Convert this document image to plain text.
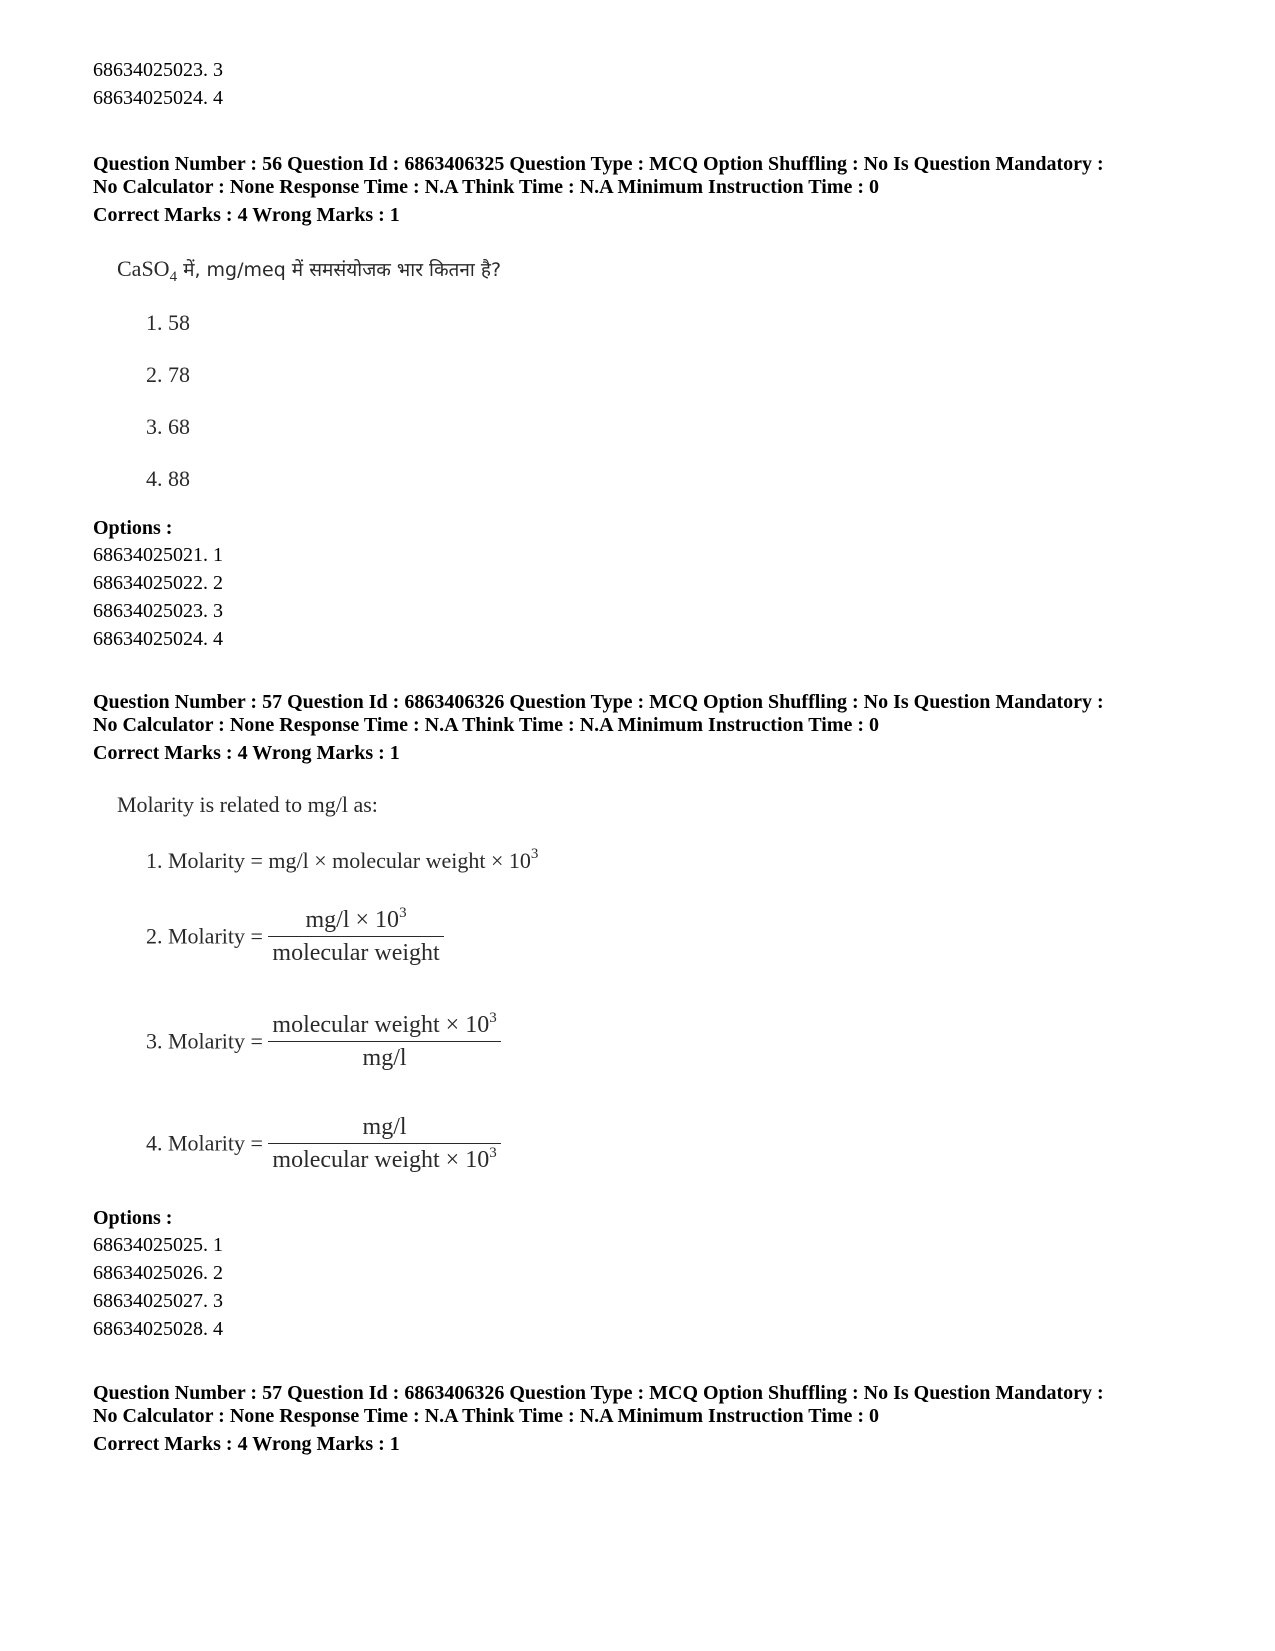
68634025023. 3
68634025024. 4
Question Number : 56 Question Id : 6863406325 Question Type : MCQ Option Shuffling : No Is Question Mandatory :
No Calculator : None Response Time : N.A Think Time : N.A Minimum Instruction Time : 0
Correct Marks : 4 Wrong Marks : 1
CaSO$_4$ में, mg/meq में समसंयोजक भार कितना है?
1. 58
2. 78
3. 68
4. 88
Options :
68634025021. 1
68634025022. 2
68634025023. 3
68634025024. 4
Question Number : 57 Question Id : 6863406326 Question Type : MCQ Option Shuffling : No Is Question Mandatory :
No Calculator : None Response Time : N.A Think Time : N.A Minimum Instruction Time : 0
Correct Marks : 4 Wrong Marks : 1
Molarity is related to mg/l as:
1. Molarity = mg/l × molecular weight × $10^3$
2. Molarity = $\frac{mg/l \times 10^3}{\text{molecular weight}}$
3. Molarity = $\frac{molecular weight \times 10^3}{mg/l}$
4. Molarity = $\frac{mg/l}{molecular weight \times 10^3}$
Options :
68634025025. 1
68634025026. 2
68634025027. 3
68634025028. 4
Question Number : 57 Question Id : 6863406326 Question Type : MCQ Option Shuffling : No Is Question Mandatory :
No Calculator : None Response Time : N.A Think Time : N.A Minimum Instruction Time : 0
Correct Marks : 4 Wrong Marks : 1
